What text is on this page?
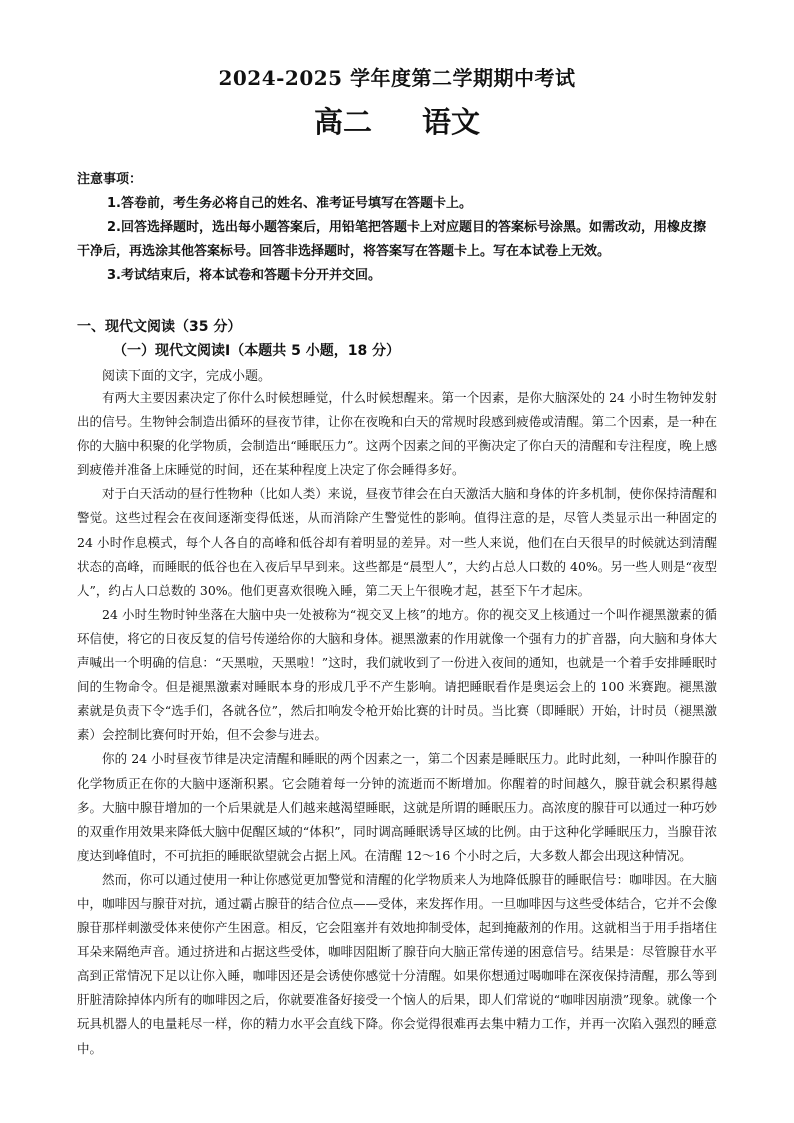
2024-2025 学年度第二学期期中考试
高二 语文
注意事项：
1.答卷前，考生务必将自己的姓名、准考证号填写在答题卡上。
2.回答选择题时，选出每小题答案后，用铅笔把答题卡上对应题目的答案标号涂黑。如需改动，用橡皮擦干净后，再选涂其他答案标号。回答非选择题时，将答案写在答题卡上。写在本试卷上无效。
3.考试结束后，将本试卷和答题卡分开并交回。
一、现代文阅读（35 分）
（一）现代文阅读Ⅰ（本题共 5 小题，18 分）
阅读下面的文字，完成小题。

有两大主要因素决定了你什么时候想睡觉，什么时候想醒来。第一个因素，是你大脑深处的 24 小时生物钟发射出的信号。生物钟会制造出循环的昼夜节律，让你在夜晚和白天的常规时段感到疲倦或清醒。第二个因素，是一种在你的大脑中积聚的化学物质，会制造出“睡眠压力”。这两个因素之间的平衡决定了你白天的清醒和专注程度，晚上感到疲倦并准备上床睡觉的时间，还在某种程度上决定了你会睡得多好。

对于白天活动的昼行性物种（比如人类）来说，昼夜节律会在白天激活大脑和身体的许多机制，使你保持清醒和警觉。这些过程会在夜间逐渐变得低迷，从而消除产生警觉性的影响。值得注意的是，尽管人类显示出一种固定的 24 小时作息模式，每个人各自的高峰和低谷却有着明显的差异。对一些人来说，他们在白天很早的时候就达到清醒状态的高峰，而睡眠的低谷也在入夜后早早到来。这些都是“晨型人”，大约占总人口数的 40%。另一些人则是“夜型人”，约占人口总数的 30%。他们更喜欢很晚入睡，第二天上午很晚才起，甚至下午才起床。

24 小时生物时钟坐落在大脑中央一处被称为“视交叉上核”的地方。你的视交叉上核通过一个叫作褪黑激素的循环信使，将它的日夜反复的信号传递给你的大脑和身体。褪黑激素的作用就像一个强有力的扩音器，向大脑和身体大声喊出一个明确的信息：“天黑啦，天黑啦！”这时，我们就收到了一份进入夜间的通知，也就是一个着手安排睡眠时间的生物命令。但是褪黑激素对睡眠本身的形成几乎不产生影响。请把睡眠看作是奥运会上的 100 米赛跑。褪黑激素就是负责下令“选手们，各就各位”，然后扣响发令枪开始比赛的计时员。当比赛（即睡眠）开始，计时员（褪黑激素）会控制比赛何时开始，但不会参与进去。

你的 24 小时昼夜节律是决定清醒和睡眠的两个因素之一，第二个因素是睡眠压力。此时此刻，一种叫作腺苷的化学物质正在你的大脑中逐渐积累。它会随着每一分钟的流逝而不断增加。你醒着的时间越久，腺苷就会积累得越多。大脑中腺苷增加的一个后果就是人们越来越渴望睡眠，这就是所谓的睡眠压力。高浓度的腺苷可以通过一种巧妙的双重作用效果来降低大脑中促醒区域的“体积”，同时调高睡眠诱导区域的比例。由于这种化学睡眠压力，当腺苷浓度达到峰值时，不可抗拒的睡眠欲望就会占据上风。在清醒 12～16 个小时之后，大多数人都会出现这种情况。

然而，你可以通过使用一种让你感觉更加警觉和清醒的化学物质来人为地降低腺苷的睡眠信号：咖啡因。在大脑中，咖啡因与腺苷对抗，通过霸占腺苷的结合位点——受体，来发挥作用。一旦咖啡因与这些受体结合，它并不会像腺苷那样刺激受体来使你产生困意。相反，它会阻塞并有效地抑制受体，起到掩蔽剂的作用。这就相当于用手指堵住耳朵来隔绝声音。通过挤进和占据这些受体，咖啡因阻断了腺苷向大脑正常传递的困意信号。结果是：尽管腺苷水平高到正常情况下足以让你入睡，咖啡因还是会诱使你感觉十分清醒。如果你想通过喝咖啡在深夜保持清醒，那么等到肝脏清除掉体内所有的咖啡因之后，你就要准备好接受一个恼人的后果，即人们常说的“咖啡因崩溃”现象。就像一个玩具机器人的电量耗尽一样，你的精力水平会直线下降。你会觉得很难再去集中精力工作，并再一次陷入强烈的睡意中。
